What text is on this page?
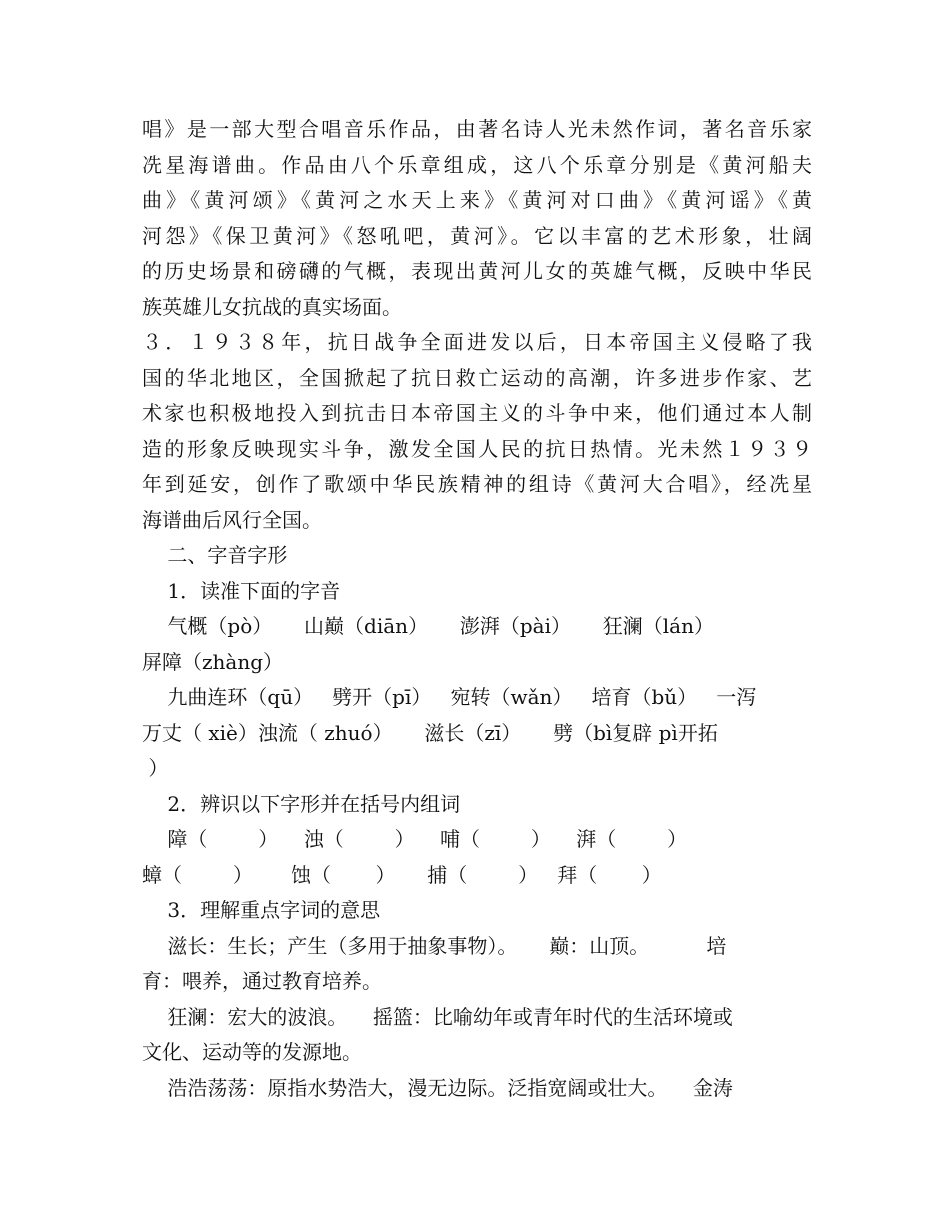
唱》是一部大型合唱音乐作品，由著名诗人光未然作词，著名音乐家
冼星海谱曲。作品由八个乐章组成，这八个乐章分别是《黄河船夫
曲》《黄河颂》《黄河之水天上来》《黄河对口曲》《黄河谣》《黄
河怨》《保卫黄河》《怒吼吧，黄河》。它以丰富的艺术形象，壮阔
的历史场景和磅礴的气概，表现出黄河儿女的英雄气概，反映中华民
族英雄儿女抗战的真实场面。
３．１９３８年，抗日战争全面进发以后，日本帝国主义侵略了我
国的华北地区，全国掀起了抗日救亡运动的高潮，许多进步作家、艺
术家也积极地投入到抗击日本帝国主义的斗争中来，他们通过本人制
造的形象反映现实斗争，激发全国人民的抗日热情。光未然１９３９
年到延安，创作了歌颂中华民族精神的组诗《黄河大合唱》，经冼星
海谱曲后风行全国。
二、字音字形
1．读准下面的字音
气概（pò）     山巅（diān）     澎湃（pài）     狂澜（lán）
屏障（zhàng）
九曲连环（qū）   劈开（pī）   宛转（wǎn）   培育（bǔ）   一泻
万丈（ xiè）浊流（ zhuó）     滋长（zī）     劈（bì复辟 pì开拓
）
2．辨识以下字形并在括号内组词
障（        ）    浊（        ）    哺（        ）    湃（        ）
蟑（        ）      蚀（       ）     捕（        ）   拜（       ）
3．理解重点字词的意思
滋长：生长；产生（多用于抽象事物）。     巅：山顶。         培
育：喂养，通过教育培养。
狂澜：宏大的波浪。    摇篮：比喻幼年或青年时代的生活环境或
文化、运动等的发源地。
浩浩荡荡：原指水势浩大，漫无边际。泛指宽阔或壮大。    金涛
